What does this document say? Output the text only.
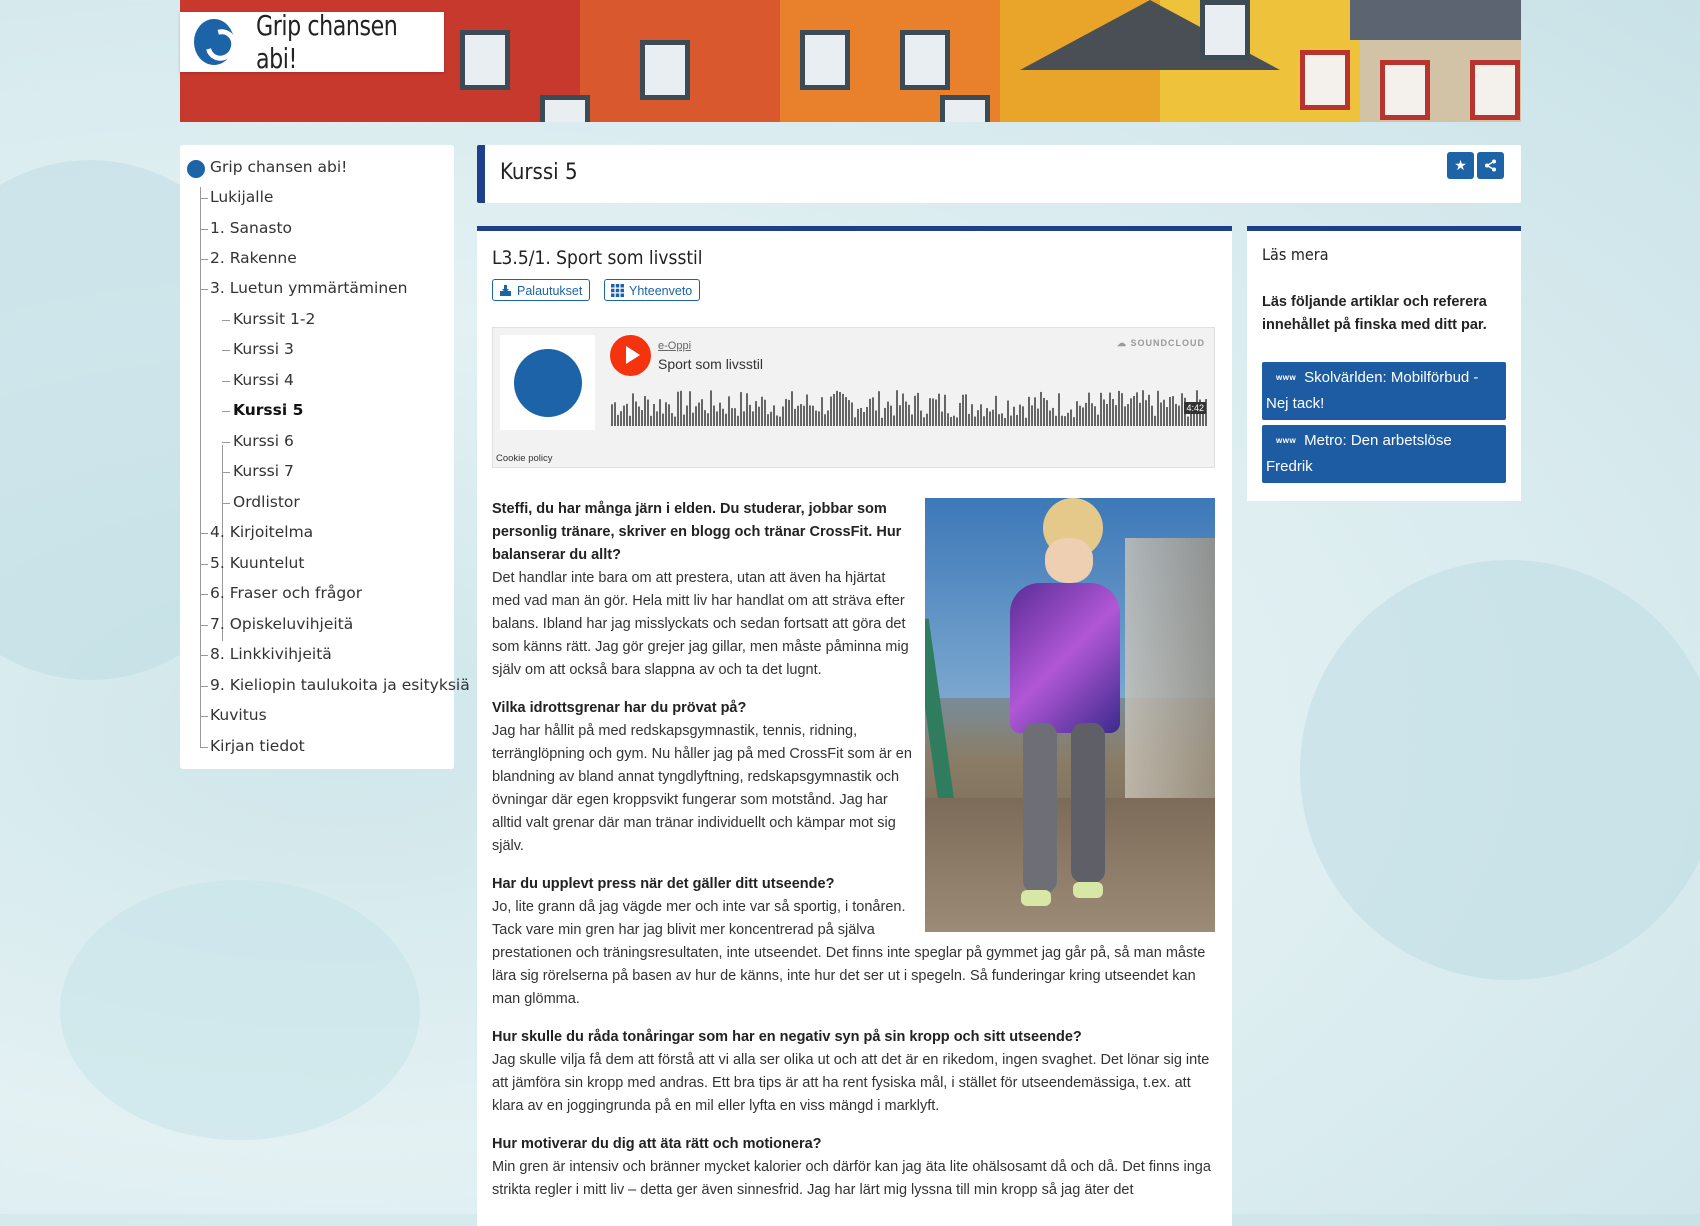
Grip chansen abi!
Grip chansen abi!
Lukijalle
1. Sanasto
2. Rakenne
3. Luetun ymmärtäminen
Kurssit 1-2
Kurssi 3
Kurssi 4
Kurssi 5
Kurssi 6
Kurssi 7
Ordlistor
4. Kirjoitelma
5. Kuuntelut
6. Fraser och frågor
7. Opiskeluvihjeitä
8. Linkkivihjeitä
9. Kieliopin taulukoita ja esityksiä
Kuvitus
Kirjan tiedot
Kurssi 5	★
L3.5/1. Sport som livsstil
Palautukset	Yhteenveto
e-Oppi
Sport som livsstil
☁ SOUNDCLOUD
4:42
Cookie policy

Steffi, du har många järn i elden. Du studerar, jobbar som personlig tränare, skriver en blogg och tränar CrossFit. Hur balanserar du allt?
Det handlar inte bara om att prestera, utan att även ha hjärtat med vad man än gör. Hela mitt liv har handlat om att sträva efter balans. Ibland har jag misslyckats och sedan fortsatt att göra det som känns rätt. Jag gör grejer jag gillar, men måste påminna mig själv om att också bara slappna av och ta det lugnt.

Vilka idrottsgrenar har du prövat på?
Jag har hållit på med redskapsgymnastik, tennis, ridning, terränglöpning och gym. Nu håller jag på med CrossFit som är en blandning av bland annat tyngdlyftning, redskapsgymnastik och övningar där egen kroppsvikt fungerar som motstånd. Jag har alltid valt grenar där man tränar individuellt och kämpar mot sig själv.

Har du upplevt press när det gäller ditt utseende?
Jo, lite grann då jag vägde mer och inte var så sportig, i tonåren. Tack vare min gren har jag blivit mer koncentrerad på själva prestationen och träningsresultaten, inte utseendet. Det finns inte speglar på gymmet jag går på, så man måste lära sig rörelserna på basen av hur de känns, inte hur det ser ut i spegeln. Så funderingar kring utseendet kan man glömma.

Hur skulle du råda tonåringar som har en negativ syn på sin kropp och sitt utseende?
Jag skulle vilja få dem att förstå att vi alla ser olika ut och att det är en rikedom, ingen svaghet. Det lönar sig inte att jämföra sin kropp med andras. Ett bra tips är att ha rent fysiska mål, i stället för utseendemässiga, t.ex. att klara av en joggingrunda på en mil eller lyfta en viss mängd i marklyft.

Hur motiverar du dig att äta rätt och motionera?
Min gren är intensiv och bränner mycket kalorier och därför kan jag äta lite ohälsosamt då och då. Det finns inga strikta regler i mitt liv – detta ger även sinnesfrid. Jag har lärt mig lyssna till min kropp så jag äter det

Läs mera
Läs följande artiklar och referera innehållet på finska med ditt par.
www Skolvärlden: Mobilförbud - Nej tack!
www Metro: Den arbetslöse Fredrik
